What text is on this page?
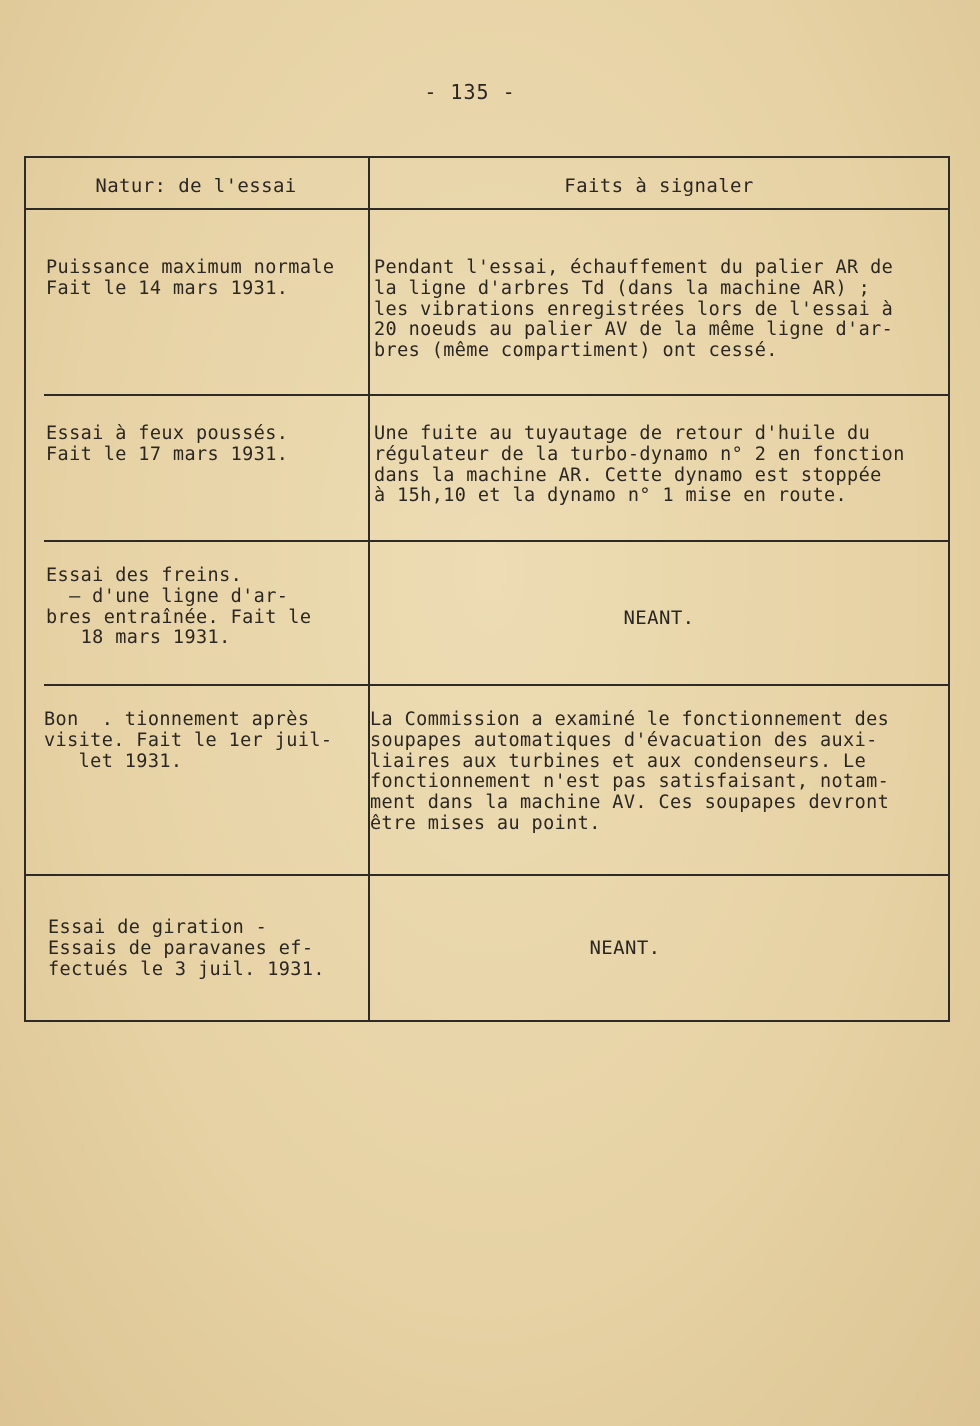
- 135 -
Natur: de l'essai	Faits à signaler
Puissance maximum normale
Fait le 14 mars 1931.
Pendant l'essai, échauffement du palier AR de
la ligne d'arbres Td (dans la machine AR) ;
les vibrations enregistrées lors de l'essai à
20 noeuds au palier AV de la même ligne d'ar-
bres (même compartiment) ont cessé.
Essai à feux poussés.
Fait le 17 mars 1931.
Une fuite au tuyautage de retour d'huile du
régulateur de la turbo-dynamo n° 2 en fonction
dans la machine AR. Cette dynamo est stoppée
à 15h,10 et la dynamo n° 1 mise en route.
Essai des freins.
— d'une ligne d'ar-
bres entraînée. Fait le
18 mars 1931.
NEANT.
Bon  . tionnement après
visite. Fait le 1er juil-
let 1931.
La Commission a examiné le fonctionnement des
soupapes automatiques d'évacuation des auxi-
liaires aux turbines et aux condenseurs. Le
fonctionnement n'est pas satisfaisant, notam-
ment dans la machine AV. Ces soupapes devront
être mises au point.
Essai de giration -
Essais de paravanes ef-
fectués le 3 juil. 1931.
NEANT.
